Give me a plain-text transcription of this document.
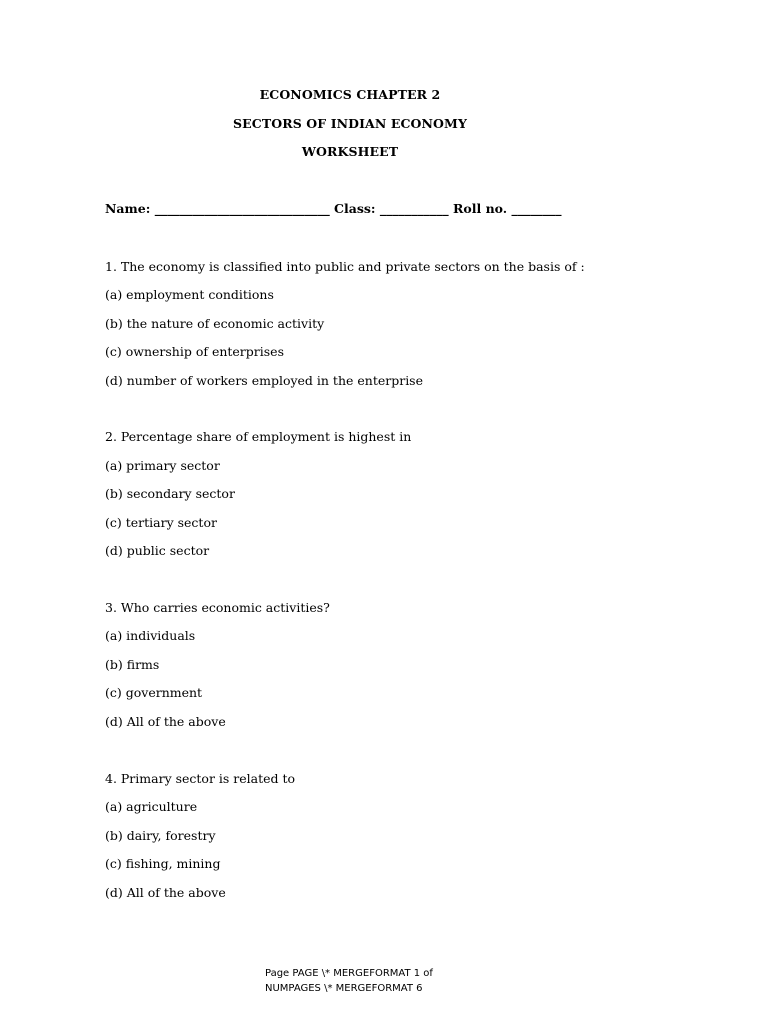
ECONOMICS CHAPTER 2
SECTORS OF INDIAN ECONOMY
WORKSHEET
Name: ____________________________ Class: ___________ Roll no. ________
1. The economy is classified into public and private sectors on the basis of :
(a) employment conditions
(b) the nature of economic activity
(c) ownership of enterprises
(d) number of workers employed in the enterprise
2. Percentage share of employment is highest in
(a) primary sector
(b) secondary sector
(c) tertiary sector
(d) public sector
3. Who carries economic activities?
(a) individuals
(b) firms
(c) government
(d) All of the above
4. Primary sector is related to
(a) agriculture
(b) dairy, forestry
(c) fishing, mining
(d) All of the above
Page PAGE \* MERGEFORMAT 1 of
NUMPAGES \* MERGEFORMAT 6
